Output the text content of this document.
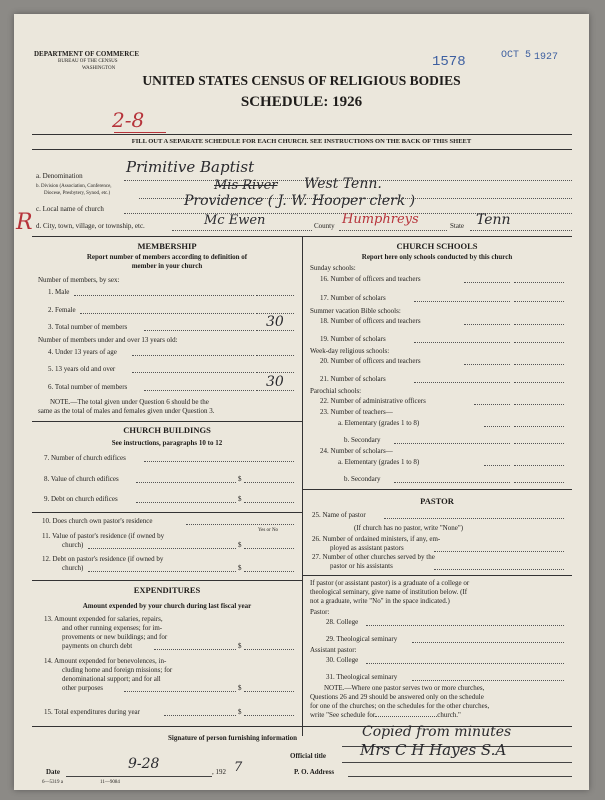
DEPARTMENT OF COMMERCE
BUREAU OF THE CENSUS
WASHINGTON	1578	OCT 5 1927
UNITED STATES CENSUS OF RELIGIOUS BODIES
SCHEDULE: 1926
2-8
FILL OUT A SEPARATE SCHEDULE FOR EACH CHURCH. SEE INSTRUCTIONS ON THE BACK OF THIS SHEET
a. Denomination	Primitive Baptist
b. Division (Association, Conference,
Diocese, Presbytery, Synod, etc.)
Mis River West Tenn.
c. Local name of church	Providence ( J. W. Hooper clerk )
d. City, town, village, or township, etc.	Mc Ewen	County Humphreys	State Tenn
R
MEMBERSHIP
Report number of members according to definition of
member in your church
Number of members, by sex:
1. Male
2. Female
3. Total number of members	30
Number of members under and over 13 years old:
4. Under 13 years of age
5. 13 years old and over
6. Total number of members	30
NOTE.—The total given under Question 6 should be the
same as the total of males and females given under Question 3.
CHURCH BUILDINGS
See instructions, paragraphs 10 to 12
7. Number of church edifices
8. Value of church edifices	$
9. Debt on church edifices	$
10. Does church own pastor's residence
Yes or No
11. Value of pastor's residence (if owned by
church)	$
12. Debt on pastor's residence (if owned by
church)	$
EXPENDITURES
Amount expended by your church during last fiscal year
13. Amount expended for salaries, repairs,
and other running expenses; for im-
provements or new buildings; and for
payments on church debt	$
14. Amount expended for benevolences, in-
cluding home and foreign missions; for
denominational support; and for all
other purposes	$
15. Total expenditures during year	$
CHURCH SCHOOLS
Report here only schools conducted by this church
Sunday schools:
16. Number of officers and teachers
17. Number of scholars
Summer vacation Bible schools:
18. Number of officers and teachers
19. Number of scholars
Week-day religious schools:
20. Number of officers and teachers
21. Number of scholars
Parochial schools:
22. Number of administrative officers
23. Number of teachers—
a. Elementary (grades 1 to 8)
b. Secondary
24. Number of scholars—
a. Elementary (grades 1 to 8)
b. Secondary
PASTOR
25. Name of pastor
(If church has no pastor, write "None")
26. Number of ordained ministers, if any, em-
ployed as assistant pastors
27. Number of other churches served by the
pastor or his assistants
If pastor (or assistant pastor) is a graduate of a college or
theological seminary, give name of institution below. (If
not a graduate, write "No" in the space indicated.)
Pastor:
28. College
29. Theological seminary
Assistant pastor:
30. College
31. Theological seminary
NOTE.—Where one pastor serves two or more churches,
Questions 26 and 29 should be answered only on the schedule
for one of the churches; on the schedules for the other churches,
write "See schedule for	church."
Signature of person furnishing information	Copied from minutes
Official title Mrs C H Hayes S.A
Date	9-28	, 192 7	P. O. Address
6—5319 a	11—9084
